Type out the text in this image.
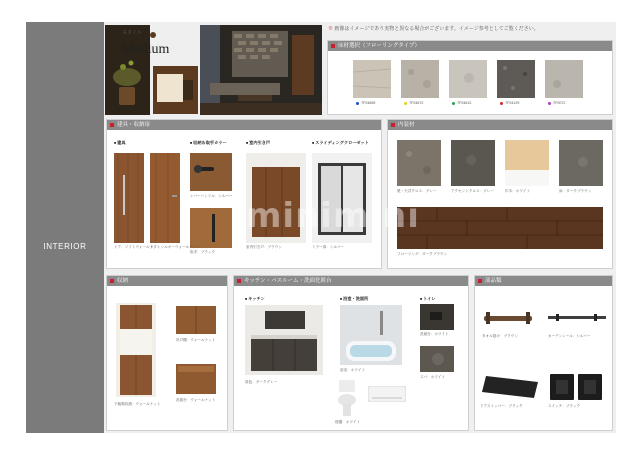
INTERIOR
スタイル
Medium
※ 画像はイメージであり実物と異なる場合がございます。イメージ参考としてご覧ください。
床材選択（フローリングタイプ）
TF04655	TF04672	TF04612	TF04129	TF0072
建具・収納扉
■ 建具	■ 収納＆取手カラー	■ 室内引き戸	■ スライディングクローゼット
ドア：ソフトウォールナット
ドア：シルキーウォールナット
レバーハンドル：シルバー
取手：ブラック
室内引き戸：ブラウン	ミラー扉：シルバー
内装材
壁・天井クロス：グレー	アクセントクロス：グレー	巾木：ホワイト	床：ダークブラウン
フローリング：ダークブラウン
収納
下駄箱収納：ウォールナット
吊戸棚：ウォールナット
洗面台：ウォールナット
キッチン・バスルーム・洗面化粧台
■ キッチン	■ 浴室・洗面所	■ トイレ
扉色：ダークグレー
浴室：ホワイト
便器：ホワイト
洗面台：ホワイト
スパ：ホワイト
部品類
タオル掛け：ブラウン	カーテンレール：シルバー
ドアストッパー：ブラック	スイッチ：ブラック
minimini
